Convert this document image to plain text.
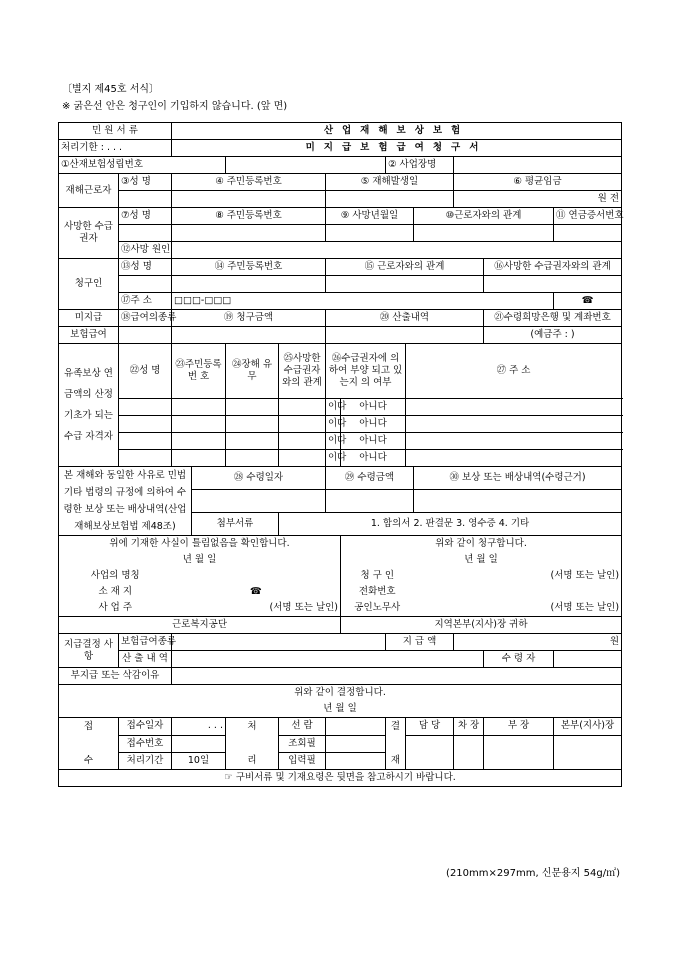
〔별지 제45호 서식〕
※ 굵은선 안은 청구인이 기입하지 않습니다. (앞 면)
민 원 서 류		산업재해보상보험											
처리기한 : . . .		미지급보험급여청구서											
①산재보험성립번호								② 사업장명					
재해근로자	③성 명	④ 주민등록번호				⑤ 재해발생일					⑥ 평균임금		
											원 전		
사망한 수급권자	⑦성 명	⑧ 주민등록번호				⑨ 사망년월일				⑩근로자와의 관계			⑪ 연금증서번호

	⑫사망 원인												
청구인	⑬성 명	⑭ 주민등록번호				⑮ 근로자와의 관계						⑯사망한 수급권자와의 관계	

	⑰주 소	□□□-□□□											☎
미지급	⑱급여의종류	⑲ 청구금액				⑳ 산출내역						㉑수령희망은행 및 계좌번호	
보험급여												(예금주 : )	
유족보상 연금액의 산정기초가 되는수급 자격자	㉒성 명	㉓주민등록 번 호		㉔장해 유무	㉕사망한 수급권자 와의 관계	㉖수급권자에 의하여 부양 되고 있는지 의 여부			㉗ 주 소				
						이다	아니다						
						이다	아니다						
						이다	아니다						
						이다	아니다						
본 재해와 동일한 사유로 민법 기타 법령의 규정에 의하여 수령한 보상 또는 배상내역(산업재해보상보험법 제48조)			㉘ 수령일자			㉙ 수령금액				㉚ 보상 또는 배상내역(수령근거)			

			첨부서류		1. 합의서 2. 판결문 3. 영수증 4. 기타								
위에 기재한 사실이 틀림없음을 확인합니다.							위와 같이 청구합니다.						
년 월 일							년 월 일						
사업의 명칭							청 구 인			(서명 또는 날인)			
소 재 지		☎					전화번호						
사 업 주		(서명 또는 날인)					공인노무사			(서명 또는 날인)			
근로복지공단							지역본부(지사)장 귀하						
지급결정 사항	보험급여종류							지 급 액			원		
	산 출 내 역											수 령 자	
부지급 또는 삭감이유													
위와 같이 결정합니다.													
년 월 일													
접	접수일자	. . .		처	선 람			결	담 당		차 장	부 장	본부(지사)장
	접수번호				조회필								
수	처리기간	10일		리	입력필			재					
☞ 구비서류 및 기재요령은 뒷면을 참고하시기 바랍니다.													
(210mm×297mm, 신문용지 54g/㎡)
